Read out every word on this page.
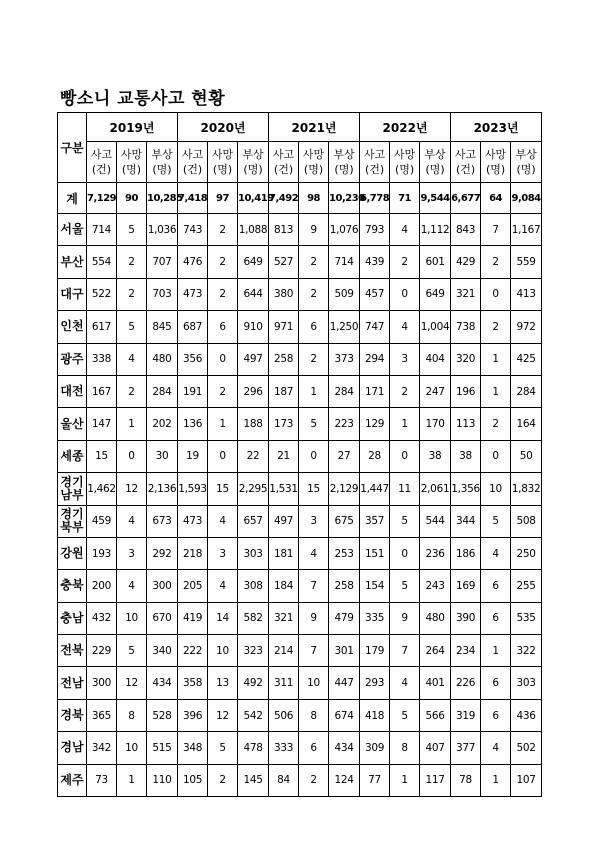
빵소니 교통사고 현황
구분	2019년			2020년			2021년			2022년			2023년		
	사고(건)	사망(명)	부상(명)	사고(건)	사망(명)	부상(명)	사고(건)	사망(명)	부상(명)	사고(건)	사망(명)	부상(명)	사고(건)	사망(명)	부상(명)
계	7,129	90	10,285	7,418	97	10,419	7,492	98	10,230	6,778	71	9,544	6,677	64	9,084
서울	714	5	1,036	743	2	1,088	813	9	1,076	793	4	1,112	843	7	1,167
부산	554	2	707	476	2	649	527	2	714	439	2	601	429	2	559
대구	522	2	703	473	2	644	380	2	509	457	0	649	321	0	413
인천	617	5	845	687	6	910	971	6	1,250	747	4	1,004	738	2	972
광주	338	4	480	356	0	497	258	2	373	294	3	404	320	1	425
대전	167	2	284	191	2	296	187	1	284	171	2	247	196	1	284
울산	147	1	202	136	1	188	173	5	223	129	1	170	113	2	164
세종	15	0	30	19	0	22	21	0	27	28	0	38	38	0	50
경기남부	1,462	12	2,136	1,593	15	2,295	1,531	15	2,129	1,447	11	2,061	1,356	10	1,832
경기북부	459	4	673	473	4	657	497	3	675	357	5	544	344	5	508
강원	193	3	292	218	3	303	181	4	253	151	0	236	186	4	250
충북	200	4	300	205	4	308	184	7	258	154	5	243	169	6	255
충남	432	10	670	419	14	582	321	9	479	335	9	480	390	6	535
전북	229	5	340	222	10	323	214	7	301	179	7	264	234	1	322
전남	300	12	434	358	13	492	311	10	447	293	4	401	226	6	303
경북	365	8	528	396	12	542	506	8	674	418	5	566	319	6	436
경남	342	10	515	348	5	478	333	6	434	309	8	407	377	4	502
제주	73	1	110	105	2	145	84	2	124	77	1	117	78	1	107
